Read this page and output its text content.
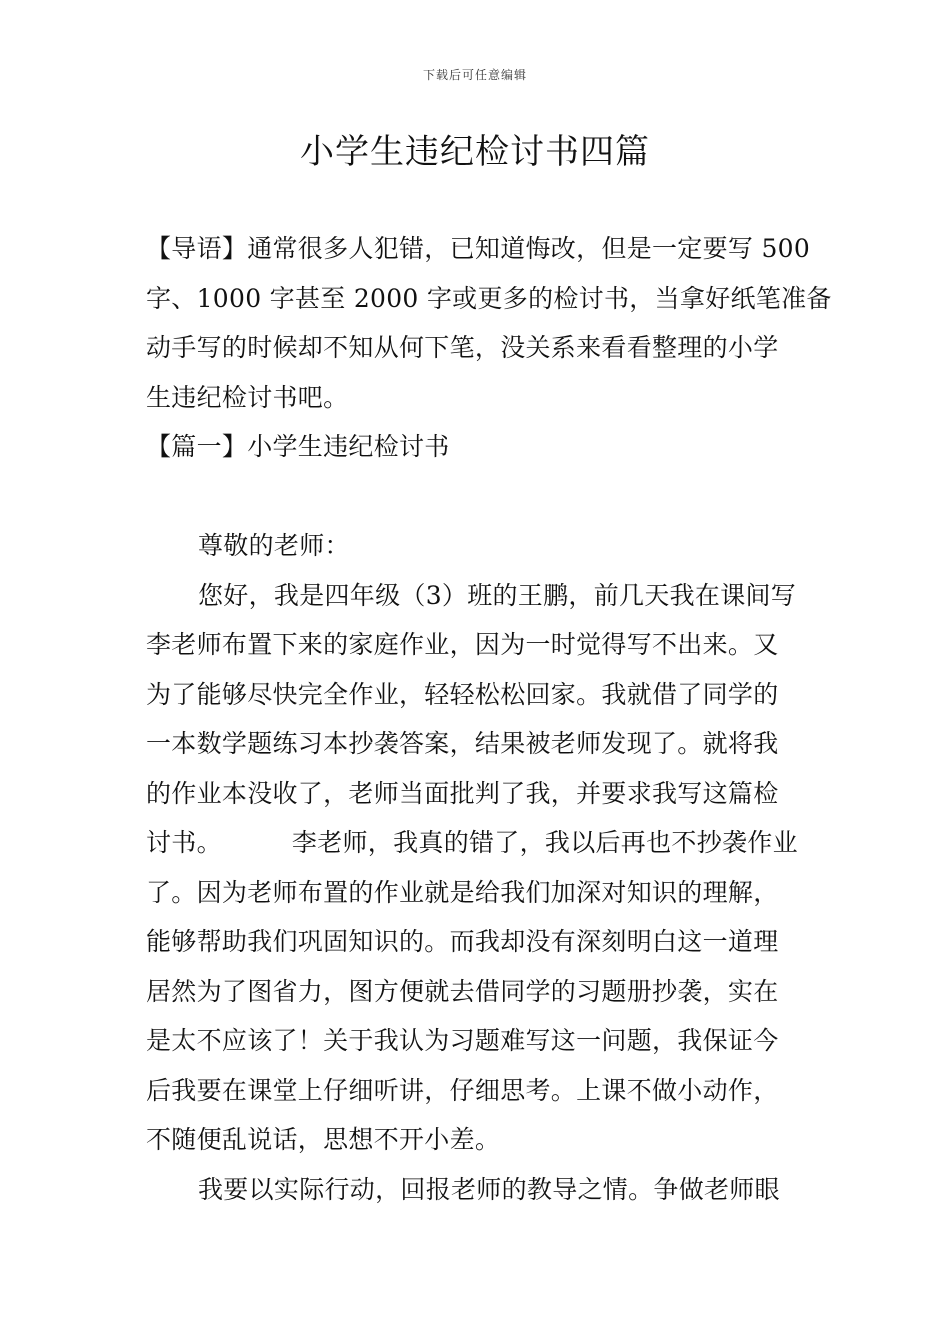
下载后可任意编辑
小学生违纪检讨书四篇
【导语】通常很多人犯错，已知道悔改，但是一定要写 500
字、1000 字甚至 2000 字或更多的检讨书，当拿好纸笔准备
动手写的时候却不知从何下笔，没关系来看看整理的小学
生违纪检讨书吧。
【篇一】小学生违纪检讨书
尊敬的老师：
您好，我是四年级（3）班的王鹏，前几天我在课间写
李老师布置下来的家庭作业，因为一时觉得写不出来。又
为了能够尽快完全作业，轻轻松松回家。我就借了同学的
一本数学题练习本抄袭答案，结果被老师发现了。就将我
的作业本没收了，老师当面批判了我，并要求我写这篇检
讨书。	李老师，我真的错了，我以后再也不抄袭作业
了。因为老师布置的作业就是给我们加深对知识的理解，
能够帮助我们巩固知识的。而我却没有深刻明白这一道理
居然为了图省力，图方便就去借同学的习题册抄袭，实在
是太不应该了！关于我认为习题难写这一问题，我保证今
后我要在课堂上仔细听讲，仔细思考。上课不做小动作，
不随便乱说话，思想不开小差。
我要以实际行动，回报老师的教导之情。争做老师眼
